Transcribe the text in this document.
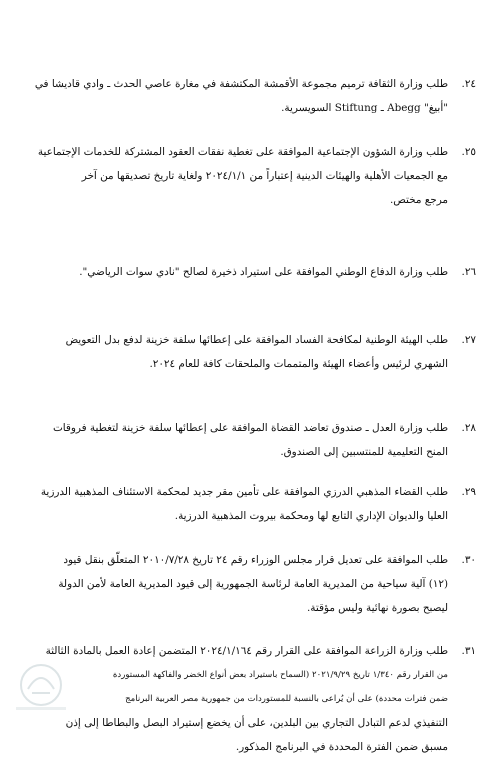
٢٤.
طلب وزارة الثقافة ترميم مجموعة الأقمشة المكتشفة في مغارة عاصي الحدث ـ وادي قاديشا في
"أبيغ" Abegg ـ Stiftung السويسرية.
٢٥.
طلب وزارة الشؤون الإجتماعية الموافقة على تغطية نفقات العقود المشتركة للخدمات الإجتماعية
مع الجمعيات الأهلية والهيئات الدينية إعتباراً من ٢٠٢٤/١/١ ولغاية تاريخ تصديقها من آخر
مرجع مختص.
٢٦.
طلب وزارة الدفاع الوطني الموافقة على استيراد ذخيرة لصالح "نادي سوات الرياضي".
٢٧.
طلب الهيئة الوطنية لمكافحة الفساد الموافقة على إعطائها سلفة خزينة لدفع بدل التعويض
الشهري لرئيس وأعضاء الهيئة والمتممات والملحقات كافة للعام ٢٠٢٤.
٢٨.
طلب وزارة العدل ـ صندوق تعاضد القضاة الموافقة على إعطائها سلفة خزينة لتغطية فروقات
المنح التعليمية للمنتسبين إلى الصندوق.
٢٩.
طلب القضاء المذهبي الدرزي الموافقة على تأمين مقر جديد لمحكمة الاستئناف المذهبية الدرزية
العليا والديوان الإداري التابع لها ومحكمة بيروت المذهبية الدرزية.
٣٠.
طلب الموافقة على تعديل قرار مجلس الوزراء رقم ٢٤ تاريخ ٢٠١٠/٧/٢٨ المتعلّق بنقل قيود
(١٢) آلية سياحية من المديرية العامة لرئاسة الجمهورية إلى قيود المديرية العامة لأمن الدولة
ليصبح بصورة نهائية وليس مؤقتة.
٣١.
طلب وزارة الزراعة الموافقة على القرار رقم ٢٠٢٤/١/١٦٤ المتضمن إعادة العمل بالمادة الثالثة
من القرار رقم ١/٣٤٠ تاريخ ٢٠٢١/٩/٢٩ (السماح باستيراد بعض أنواع الخضر والفاكهة المستوردة
ضمن فترات محددة) على أن يُراعى بالنسبة للمستوردات من جمهورية مصر العربية البرنامج
التنفيذي لدعم التبادل التجاري بين البلدين، على أن يخضع إستيراد البصل والبطاطا إلى إذن
مسبق ضمن الفترة المحددة في البرنامج المذكور.
